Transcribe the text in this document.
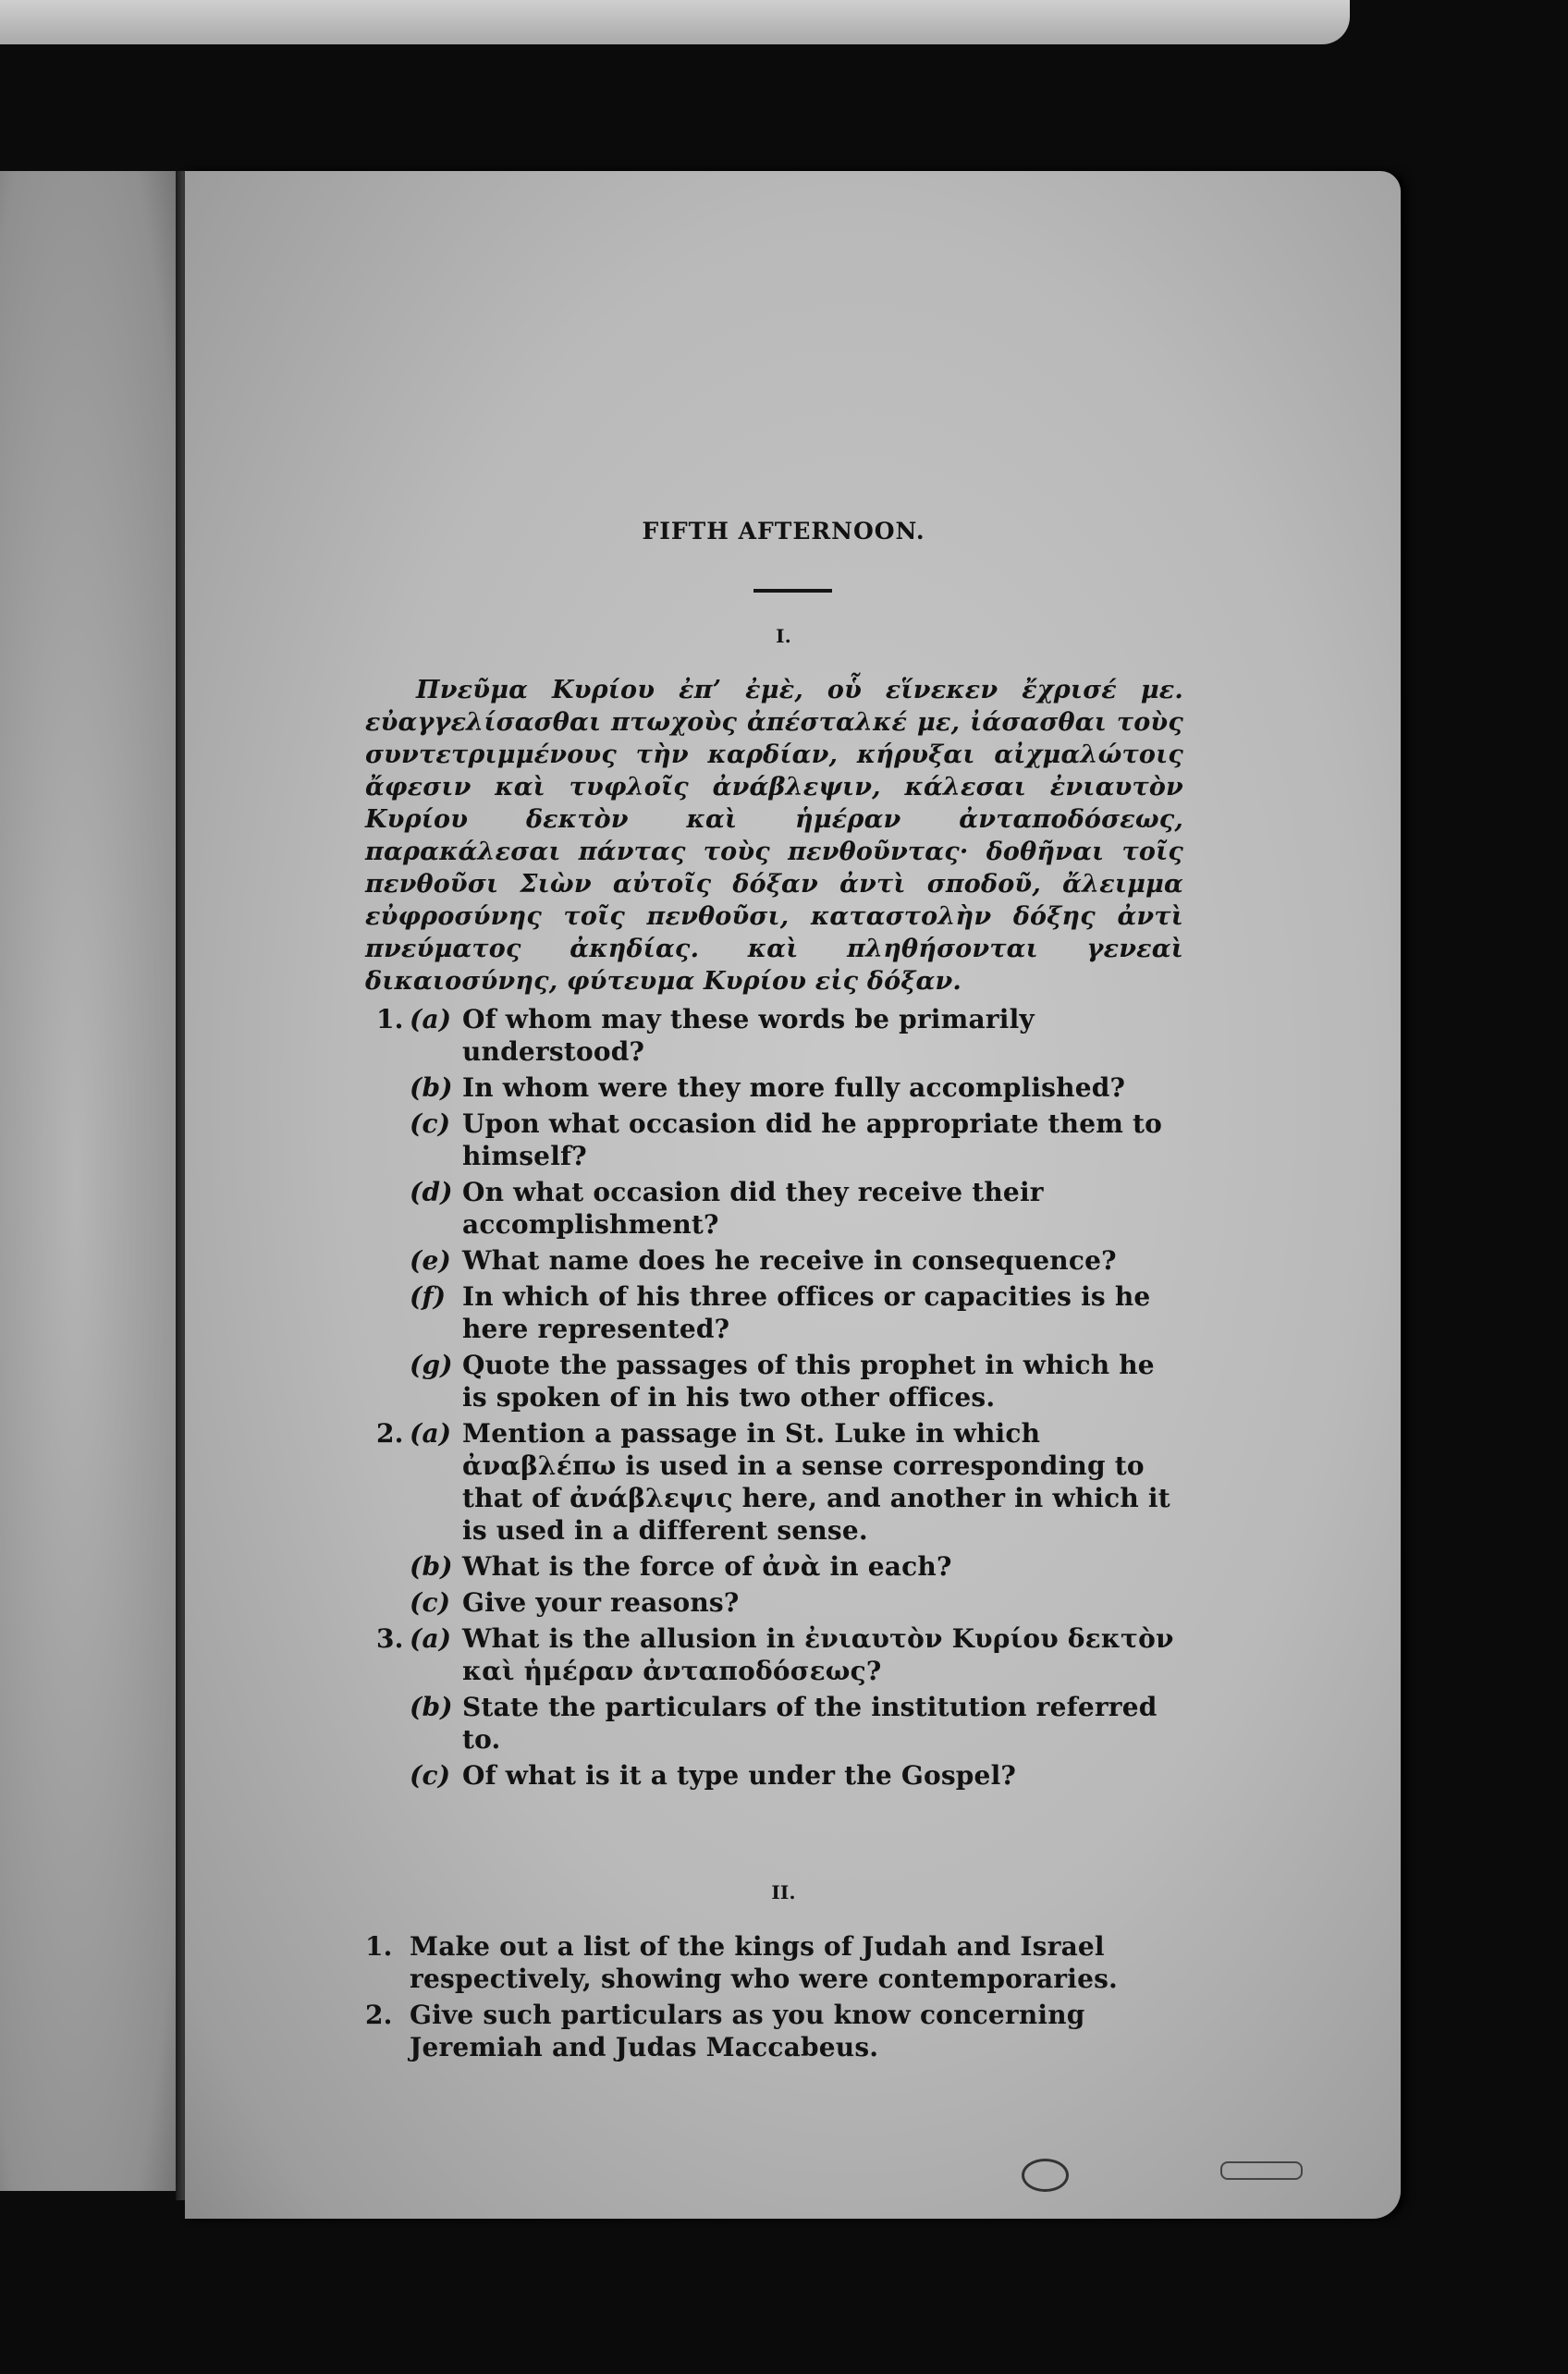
FIFTH AFTERNOON.
I.

Πνεῦμα Κυρίου ἐπ’ ἐμὲ, οὗ εἵνεκεν ἔχρισέ με. εὐαγγελίσασθαι πτωχοὺς ἀπέσταλκέ με, ἰάσασθαι τοὺς συντετριμμένους τὴν καρδίαν, κήρυξαι αἰχμαλώτοις ἄφεσιν καὶ τυφλοῖς ἀνάβλεψιν, κάλεσαι ἐνιαυτὸν Κυρίου δεκτὸν καὶ ἡμέραν ἀνταποδόσεως, παρακάλεσαι πάντας τοὺς πενθοῦντας· δοθῆναι τοῖς πενθοῦσι Σιὼν αὐτοῖς δόξαν ἀντὶ σποδοῦ, ἄλειμμα εὐφροσύνης τοῖς πενθοῦσι, καταστολὴν δόξης ἀντὶ πνεύματος ἀκηδίας. καὶ πληθήσονται γενεαὶ δικαιοσύνης, φύτευμα Κυρίου εἰς δόξαν.

1. (a) Of whom may these words be primarily understood?

(b) In whom were they more fully accomplished?

(c) Upon what occasion did he appropriate them to himself?

(d) On what occasion did they receive their accomplishment?

(e) What name does he receive in consequence?

(f) In which of his three offices or capacities is he here represented?

(g) Quote the passages of this prophet in which he is spoken of in his two other offices.

2. (a) Mention a passage in St. Luke in which ἀναβλέπω is used in a sense corresponding to that of ἀνάβλεψις here, and another in which it is used in a different sense.

(b) What is the force of ἀνὰ in each?

(c) Give your reasons?

3. (a) What is the allusion in ἐνιαυτὸν Κυρίου δεκτὸν καὶ ἡμέραν ἀνταποδόσεως?

(b) State the particulars of the institution referred to.

(c) Of what is it a type under the Gospel?

II.

1. Make out a list of the kings of Judah and Israel respectively, showing who were contemporaries.

2. Give such particulars as you know concerning Jeremiah and Judas Maccabeus.
